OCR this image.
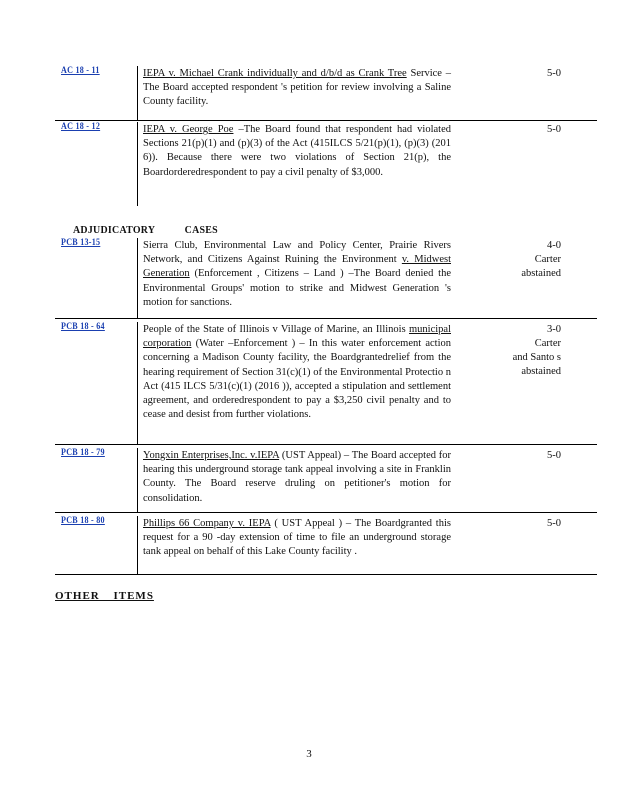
AC 18 - 11	IEPA v. Michael Crank individually and d/b/d as Crank Tree Service –The Board accepted respondent 's petition for review involving a Saline County facility.
5-0
AC 18 - 12	IEPA v. George Poe –The Board found that respondent had violated Sections 21(p)(1) and (p)(3) of the Act (415ILCS 5/21(p)(1), (p)(3) (201 6)). Because there were two violations of Section 21(p), the Boardorderedrespondent to pay a civil penalty of $3,000.
5-0
ADJUDICATORY CASES
PCB 13-15	Sierra Club, Environmental Law and Policy Center, Prairie Rivers Network, and Citizens Against Ruining the Environment v. Midwest Generation (Enforcement , Citizens – Land ) –The Board denied the Environmental Groups' motion to strike and Midwest Generation 's motion for sanctions.
4-0
Carter
abstained
PCB 18 - 64	People of the State of Illinois v Village of Marine, an Illinois municipal corporation (Water –Enforcement ) – In this water enforcement action concerning a Madison County facility, the Boardgrantedrelief from the hearing requirement of Section 31(c)(1) of the Environmental Protectio n Act (415 ILCS 5/31(c)(1) (2016 )), accepted a stipulation and settlement agreement, and orderedrespondent to pay a $3,250 civil penalty and to cease and desist from further violations.
3-0
Carter
and Santo s
abstained
PCB 18 - 79	Yongxin Enterprises,Inc. v.IEPA (UST Appeal) – The Board accepted for hearing this underground storage tank appeal involving a site in Franklin County. The Board reserve druling on petitioner's motion for consolidation.
5-0
PCB 18 - 80	Phillips 66 Company v. IEPA ( UST Appeal ) – The Boardgranted this request for a 90 -day extension of time to file an underground storage tank appeal on behalf of this Lake County facility .
5-0
OTHER ITEMS
3
